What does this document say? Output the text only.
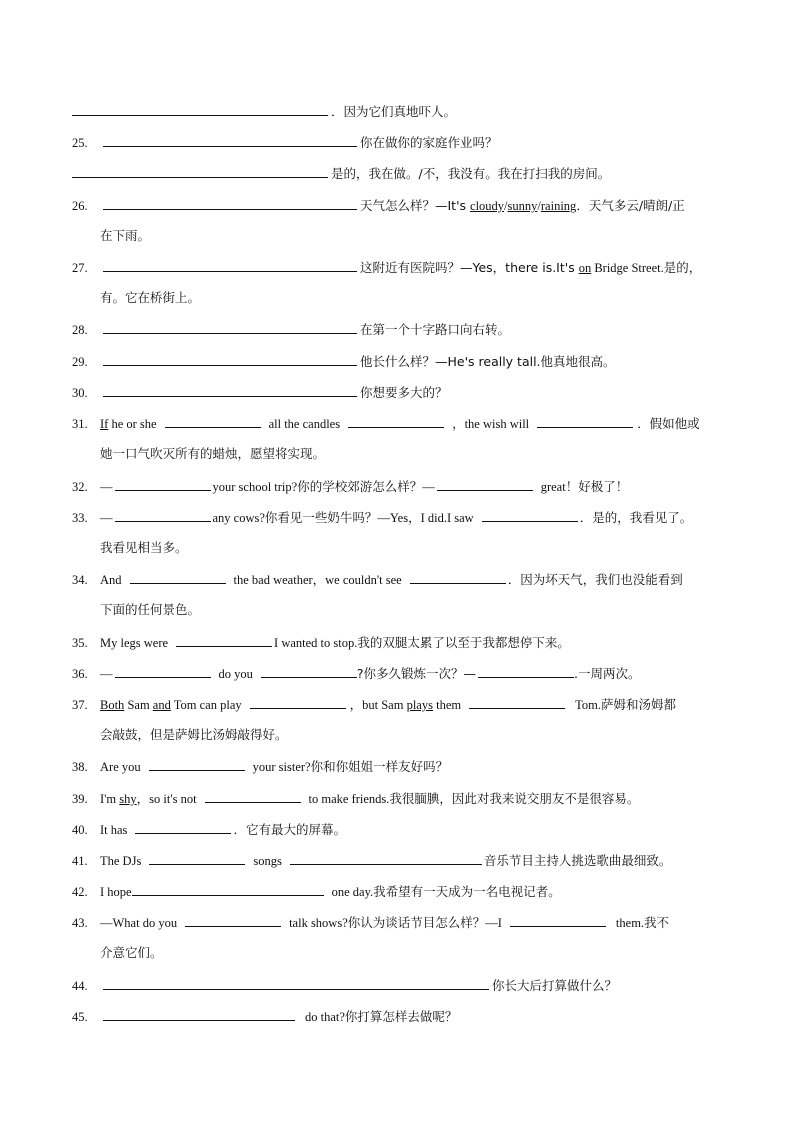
．因为它们真地吓人。
25.	你在做你的家庭作业吗？
是的，我在做。/不，我没有。我在打扫我的房间。
26.	天气怎么样？—It's cloudy/sunny/raining．天气多云/晴朗/正
在下雨。
27.	这附近有医院吗？—Yes，there is.It's on Bridge Street.是的，
有。它在桥街上。
28.	在第一个十字路口向右转。
29.	他长什么样？—He's really tall.他真地很高。
30.	你想要多大的？
31. If he or she	all the candles	，the wish will	．假如他或
她一口气吹灭所有的蜡烛，愿望将实现。
32. —	your school trip?你的学校郊游怎么样？—	great！好极了！
33. —	any cows?你看见一些奶牛吗？—Yes，I did.I saw	．是的，我看见了。
我看见相当多。
34. And	the bad weather，we couldn't see	．因为坏天气，我们也没能看到
下面的任何景色。
35. My legs were	I wanted to stop.我的双腿太累了以至于我都想停下来。
36. —	do you	?你多久锻炼一次？—	.一周两次。
37. Both Sam and Tom can play	，but Sam plays them	Tom.萨姆和汤姆都
会敲鼓，但是萨姆比汤姆敲得好。
38. Are you	your sister?你和你姐姐一样友好吗？
39. I'm shy，so it's not	to make friends.我很腼腆，因此对我来说交朋友不是很容易。
40. It has	．它有最大的屏幕。
41. The DJs	songs	音乐节目主持人挑选歌曲最细致。
42. I hope	one day.我希望有一天成为一名电视记者。
43. —What do you	talk shows?你认为谈话节目怎么样？—I	them.我不
介意它们。
44.	你长大后打算做什么？
45.	do that?你打算怎样去做呢？
